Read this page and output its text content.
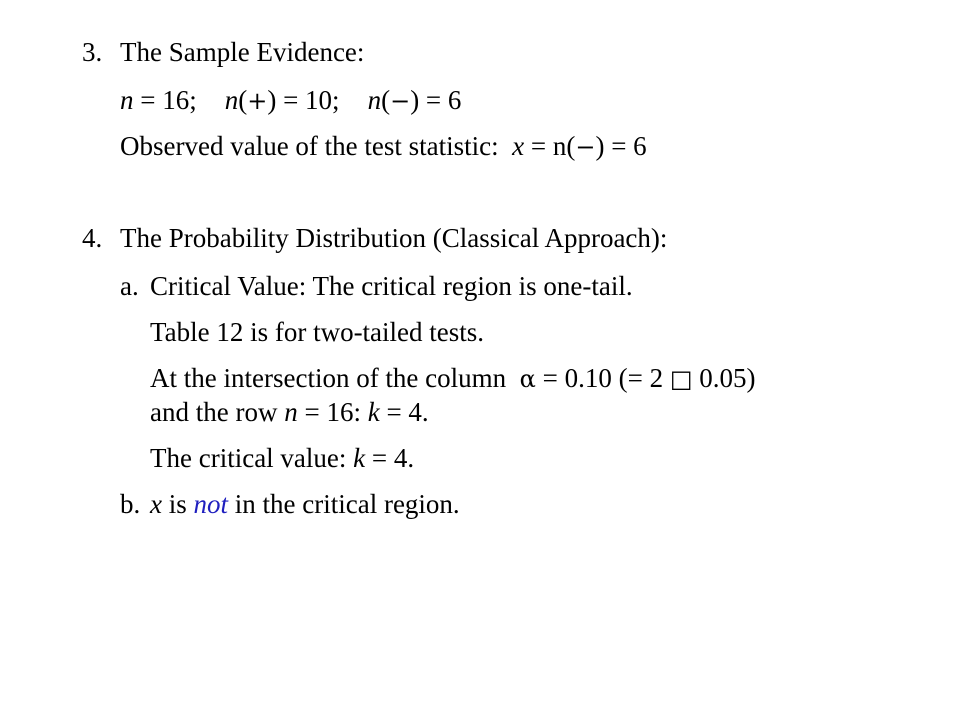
3. The Sample Evidence:
n = 16; n(+) = 10; n(−) = 6
Observed value of the test statistic:  x = n(−) = 6
4. The Probability Distribution (Classical Approach):
a. Critical Value: The critical region is one-tail.
Table 12 is for two-tailed tests.
At the intersection of the column  α = 0.10 (= 2 □ 0.05)
and the row n = 16: k = 4.
The critical value: k = 4.
b. x is not in the critical region.
